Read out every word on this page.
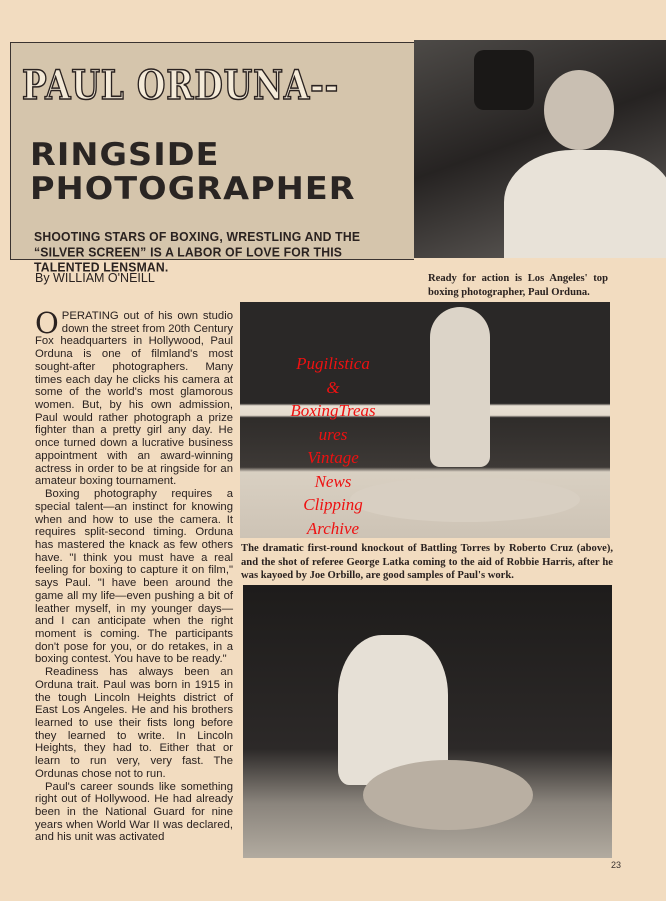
PAUL ORDUNA--
RINGSIDE
PHOTOGRAPHER
SHOOTING STARS OF BOXING, WRESTLING AND THE “SILVER SCREEN” IS A LABOR OF LOVE FOR THIS TALENTED LENSMAN.
By WILLIAM O'NEILL	Ready for action is Los Angeles' top boxing photographer, Paul Orduna.
Pugilistica
&
BoxingTreas
ures
Vintage
News
Clipping
Archive
The dramatic first-round knockout of Battling Torres by Roberto Cruz (above), and the shot of referee George Latka coming to the aid of Robbie Harris, after he was kayoed by Joe Orbillo, are good samples of Paul's work.

OPERATING out of his own studio down the street from 20th Century Fox headquarters in Hollywood, Paul Orduna is one of filmland's most sought-after photographers. Many times each day he clicks his camera at some of the world's most glamorous women. But, by his own admission, Paul would rather photograph a prize fighter than a pretty girl any day. He once turned down a lucrative business appointment with an award-winning actress in order to be at ringside for an amateur boxing tournament.

Boxing photography requires a special talent—an instinct for knowing when and how to use the camera. It requires split-second timing. Orduna has mastered the knack as few others have. "I think you must have a real feeling for boxing to capture it on film," says Paul. "I have been around the game all my life—even pushing a bit of leather myself, in my younger days—and I can anticipate when the right moment is coming. The participants don't pose for you, or do retakes, in a boxing contest. You have to be ready."

Readiness has always been an Orduna trait. Paul was born in 1915 in the tough Lincoln Heights district of East Los Angeles. He and his brothers learned to use their fists long before they learned to write. In Lincoln Heights, they had to. Either that or learn to run very, very fast. The Ordunas chose not to run.

Paul's career sounds like something right out of Hollywood. He had already been in the National Guard for nine years when World War II was declared, and his unit was activated

23
